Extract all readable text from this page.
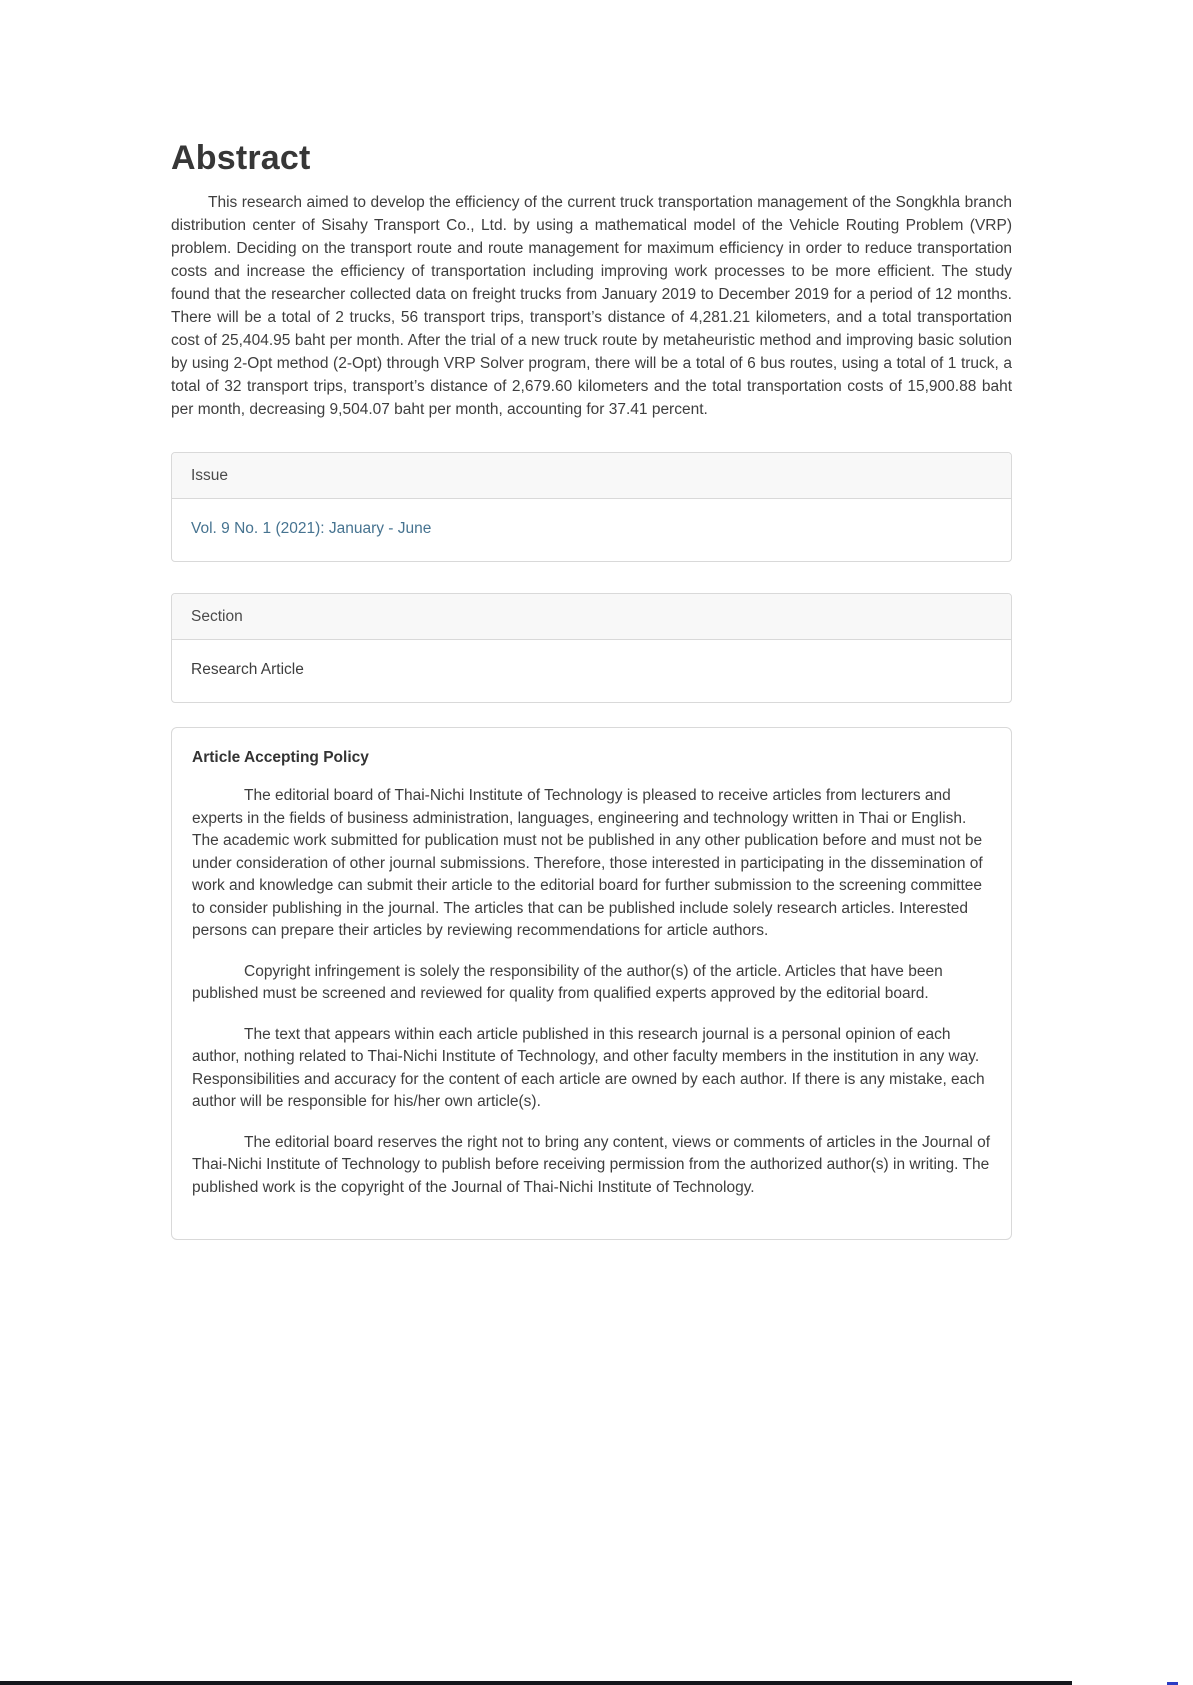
Abstract

This research aimed to develop the efficiency of the current truck transportation management of the Songkhla branch distribution center of Sisahy Transport Co., Ltd. by using a mathematical model of the Vehicle Routing Problem (VRP) problem. Deciding on the transport route and route management for maximum efficiency in order to reduce transportation costs and increase the efficiency of transportation including improving work processes to be more efficient. The study found that the researcher collected data on freight trucks from January 2019 to December 2019 for a period of 12 months. There will be a total of 2 trucks, 56 transport trips, transport’s distance of 4,281.21 kilometers, and a total transportation cost of 25,404.95 baht per month. After the trial of a new truck route by metaheuristic method and improving basic solution by using 2-Opt method (2-Opt) through VRP Solver program, there will be a total of 6 bus routes, using a total of 1 truck, a total of 32 transport trips, transport’s distance of 2,679.60 kilometers and the total transportation costs of 15,900.88 baht per month, decreasing 9,504.07 baht per month, accounting for 37.41 percent.

Issue
Vol. 9 No. 1 (2021): January - June
Section
Research Article
Article Accepting Policy

The editorial board of Thai-Nichi Institute of Technology is pleased to receive articles from lecturers and experts in the fields of business administration, languages, engineering and technology written in Thai or English. The academic work submitted for publication must not be published in any other publication before and must not be under consideration of other journal submissions. Therefore, those interested in participating in the dissemination of work and knowledge can submit their article to the editorial board for further submission to the screening committee to consider publishing in the journal. The articles that can be published include solely research articles. Interested persons can prepare their articles by reviewing recommendations for article authors.

Copyright infringement is solely the responsibility of the author(s) of the article. Articles that have been published must be screened and reviewed for quality from qualified experts approved by the editorial board.

The text that appears within each article published in this research journal is a personal opinion of each author, nothing related to Thai-Nichi Institute of Technology, and other faculty members in the institution in any way. Responsibilities and accuracy for the content of each article are owned by each author. If there is any mistake, each author will be responsible for his/her own article(s).

The editorial board reserves the right not to bring any content, views or comments of articles in the Journal of Thai-Nichi Institute of Technology to publish before receiving permission from the authorized author(s) in writing. The published work is the copyright of the Journal of Thai-Nichi Institute of Technology.
